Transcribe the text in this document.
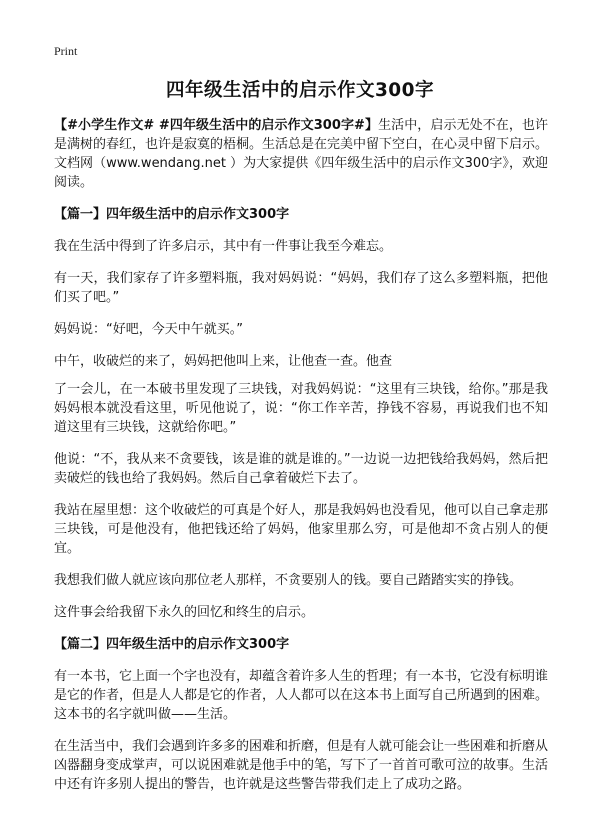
Print
四年级生活中的启示作文300字

【#小学生作文# #四年级生活中的启示作文300字#】生活中，启示无处不在，也许是满树的春红，也许是寂寞的梧桐。生活总是在完美中留下空白，在心灵中留下启示。文档网（www.wendang.net ）为大家提供《四年级生活中的启示作文300字》，欢迎阅读。

【篇一】四年级生活中的启示作文300字

我在生活中得到了许多启示，其中有一件事让我至今难忘。

有一天，我们家存了许多塑料瓶，我对妈妈说：“妈妈，我们存了这么多塑料瓶，把他们买了吧。”

妈妈说：“好吧，今天中午就买。”

中午，收破烂的来了，妈妈把他叫上来，让他查一查。他查

了一会儿，在一本破书里发现了三块钱，对我妈妈说：“这里有三块钱，给你。”那是我妈妈根本就没看这里，听见他说了，说：“你工作辛苦，挣钱不容易，再说我们也不知道这里有三块钱，这就给你吧。”

他说：“不，我从来不贪要钱，该是谁的就是谁的。”一边说一边把钱给我妈妈，然后把卖破烂的钱也给了我妈妈。然后自己拿着破烂下去了。

我站在屋里想：这个收破烂的可真是个好人，那是我妈妈也没看见，他可以自己拿走那三块钱，可是他没有，他把钱还给了妈妈，他家里那么穷，可是他却不贪占别人的便宜。

我想我们做人就应该向那位老人那样，不贪要别人的钱。要自己踏踏实实的挣钱。

这件事会给我留下永久的回忆和终生的启示。

【篇二】四年级生活中的启示作文300字

有一本书，它上面一个字也没有，却蕴含着许多人生的哲理；有一本书，它没有标明谁是它的作者，但是人人都是它的作者，人人都可以在这本书上面写自己所遇到的困难。这本书的名字就叫做——生活。

在生活当中，我们会遇到许多多的困难和折磨，但是有人就可能会让一些困难和折磨从凶器翻身变成掌声，可以说困难就是他手中的笔，写下了一首首可歌可泣的故事。生活中还有许多别人提出的警告，也许就是这些警告带我们走上了成功之路。
